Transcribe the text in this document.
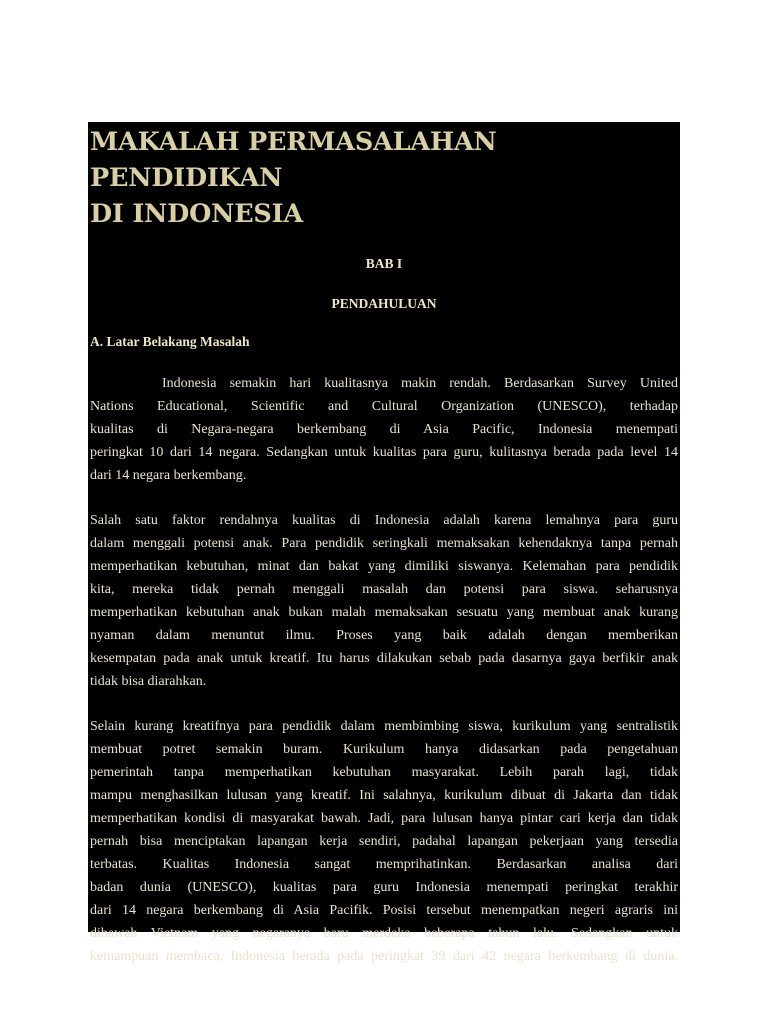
MAKALAH PERMASALAHAN PENDIDIKAN
DI INDONESIA

BAB I

PENDAHULUAN

A. Latar Belakang Masalah

Indonesia semakin hari kualitasnya makin rendah. Berdasarkan Survey United
Nations Educational, Scientific and Cultural Organization (UNESCO), terhadap
kualitas di Negara-negara berkembang di Asia Pacific, Indonesia menempati
peringkat 10 dari 14 negara. Sedangkan untuk kualitas para guru, kulitasnya berada pada level 14
dari 14 negara berkembang.
Salah satu faktor rendahnya kualitas di Indonesia adalah karena lemahnya para guru
dalam menggali potensi anak. Para pendidik seringkali memaksakan kehendaknya tanpa pernah
memperhatikan kebutuhan, minat dan bakat yang dimiliki siswanya. Kelemahan para pendidik
kita, mereka tidak pernah menggali masalah dan potensi para siswa. seharusnya
memperhatikan kebutuhan anak bukan malah memaksakan sesuatu yang membuat anak kurang
nyaman dalam menuntut ilmu. Proses yang baik adalah dengan memberikan
kesempatan pada anak untuk kreatif. Itu harus dilakukan sebab pada dasarnya gaya berfikir anak
tidak bisa diarahkan.
Selain kurang kreatifnya para pendidik dalam membimbing siswa, kurikulum yang sentralistik
membuat potret semakin buram. Kurikulum hanya didasarkan pada pengetahuan
pemerintah tanpa memperhatikan kebutuhan masyarakat. Lebih parah lagi, tidak
mampu menghasilkan lulusan yang kreatif. Ini salahnya, kurikulum dibuat di Jakarta dan tidak
memperhatikan kondisi di masyarakat bawah. Jadi, para lulusan hanya pintar cari kerja dan tidak
pernah bisa menciptakan lapangan kerja sendiri, padahal lapangan pekerjaan yang tersedia
terbatas. Kualitas Indonesia sangat memprihatinkan. Berdasarkan analisa dari
badan dunia (UNESCO), kualitas para guru Indonesia menempati peringkat terakhir
dari 14 negara berkembang di Asia Pacifik. Posisi tersebut menempatkan negeri agraris ini
dibawah Vietnam yang negaranya baru merdeka beberapa tahun lalu. Sedangkan untuk
kemampuan membaca, Indonesia berada pada peringkat 39 dari 42 negara berkembang di dunia.
